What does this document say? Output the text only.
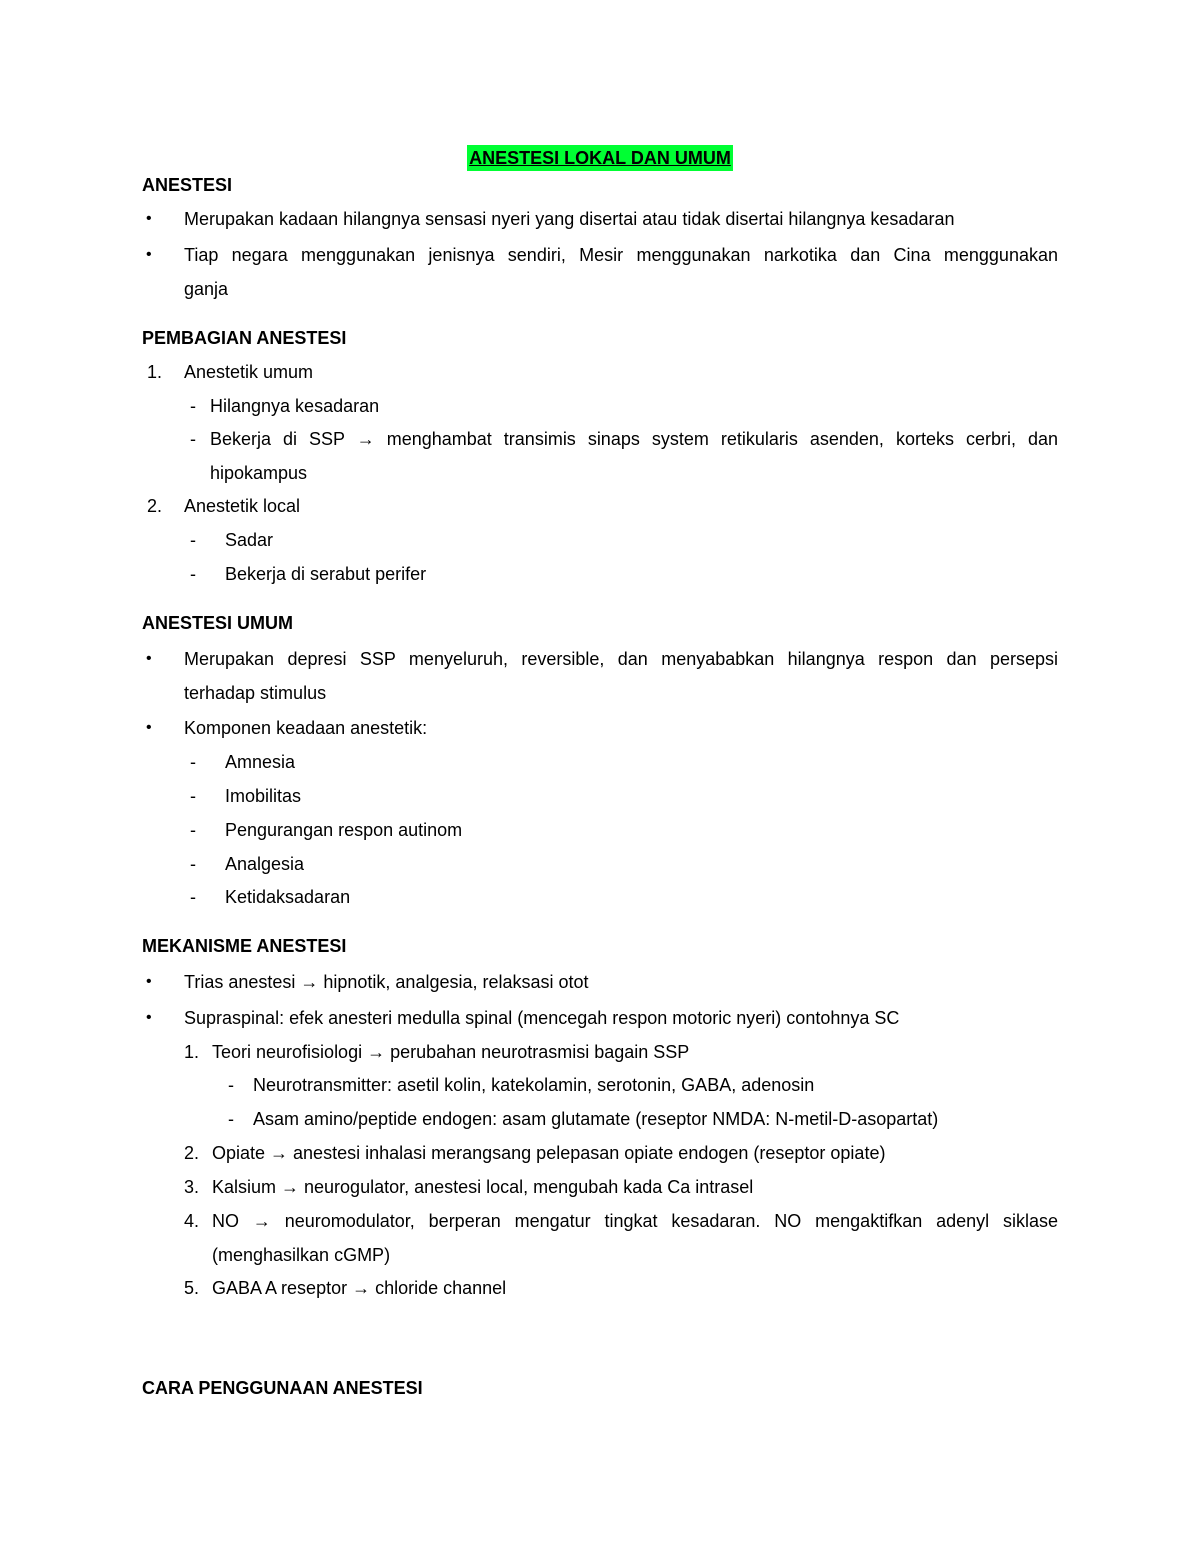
ANESTESI LOKAL DAN UMUM
ANESTESI
• Merupakan kadaan hilangnya sensasi nyeri yang disertai atau tidak disertai hilangnya kesadaran
• Tiap negara menggunakan jenisnya sendiri, Mesir menggunakan narkotika dan Cina menggunakan
ganja
PEMBAGIAN ANESTESI
1. Anestetik umum
- Hilangnya kesadaran
- Bekerja di SSP → menghambat transimis sinaps system retikularis asenden, korteks cerbri, dan
hipokampus
2. Anestetik local
- Sadar
- Bekerja di serabut perifer
ANESTESI UMUM
• Merupakan depresi SSP menyeluruh, reversible, dan menyababkan hilangnya respon dan persepsi
terhadap stimulus
• Komponen keadaan anestetik:
- Amnesia
- Imobilitas
- Pengurangan respon autinom
- Analgesia
- Ketidaksadaran
MEKANISME ANESTESI
• Trias anestesi → hipnotik, analgesia, relaksasi otot
• Supraspinal: efek anesteri medulla spinal (mencegah respon motoric nyeri) contohnya SC
1. Teori neurofisiologi → perubahan neurotrasmisi bagain SSP
- Neurotransmitter: asetil kolin, katekolamin, serotonin, GABA, adenosin
- Asam amino/peptide endogen: asam glutamate (reseptor NMDA: N-metil-D-asopartat)
2. Opiate → anestesi inhalasi merangsang pelepasan opiate endogen (reseptor opiate)
3. Kalsium → neurogulator, anestesi local, mengubah kada Ca intrasel
4. NO → neuromodulator, berperan mengatur tingkat kesadaran. NO mengaktifkan adenyl siklase
(menghasilkan cGMP)
5. GABA A reseptor → chloride channel
CARA PENGGUNAAN ANESTESI
